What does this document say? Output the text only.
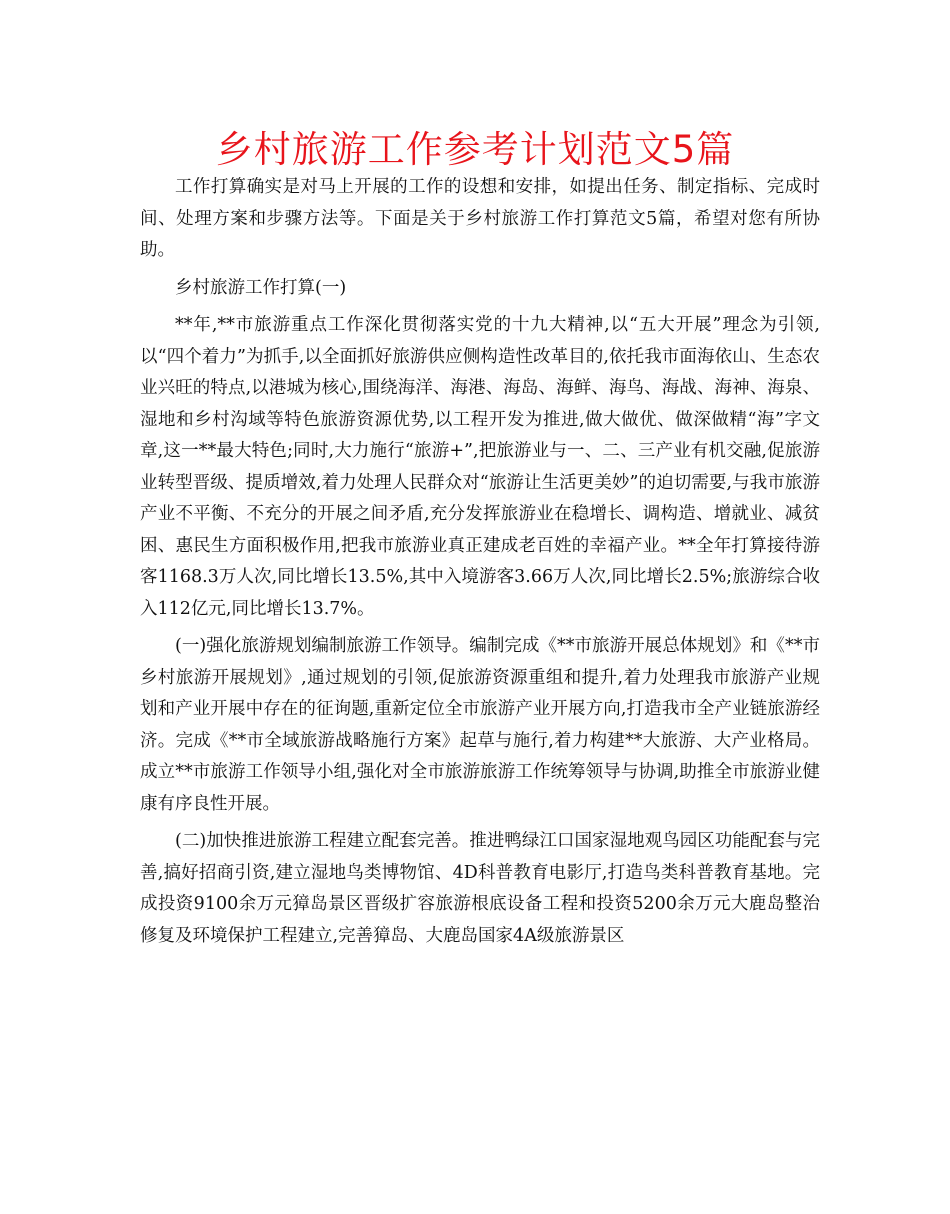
乡村旅游工作参考计划范文5篇

工作打算确实是对马上开展的工作的设想和安排，如提出任务、制定指标、完成时间、处理方案和步骤方法等。下面是关于乡村旅游工作打算范文5篇，希望对您有所协助。

乡村旅游工作打算(一)

**年,**市旅游重点工作深化贯彻落实党的十九大精神,以“五大开展”理念为引领,以“四个着力”为抓手,以全面抓好旅游供应侧构造性改革目的,依托我市面海依山、生态农业兴旺的特点,以港城为核心,围绕海洋、海港、海岛、海鲜、海鸟、海战、海神、海泉、湿地和乡村沟域等特色旅游资源优势,以工程开发为推进,做大做优、做深做精“海”字文章,这一**最大特色;同时,大力施行“旅游+”,把旅游业与一、二、三产业有机交融,促旅游业转型晋级、提质增效,着力处理人民群众对“旅游让生活更美妙”的迫切需要,与我市旅游产业不平衡、不充分的开展之间矛盾,充分发挥旅游业在稳增长、调构造、增就业、减贫困、惠民生方面积极作用,把我市旅游业真正建成老百姓的幸福产业。**全年打算接待游客1168.3万人次,同比增长13.5%,其中入境游客3.66万人次,同比增长2.5%;旅游综合收入112亿元,同比增长13.7%。

(一)强化旅游规划编制旅游工作领导。编制完成《**市旅游开展总体规划》和《**市乡村旅游开展规划》,通过规划的引领,促旅游资源重组和提升,着力处理我市旅游产业规划和产业开展中存在的征询题,重新定位全市旅游产业开展方向,打造我市全产业链旅游经济。完成《**市全域旅游战略施行方案》起草与施行,着力构建**大旅游、大产业格局。成立**市旅游工作领导小组,强化对全市旅游旅游工作统筹领导与协调,助推全市旅游业健康有序良性开展。

(二)加快推进旅游工程建立配套完善。推进鸭绿江口国家湿地观鸟园区功能配套与完善,搞好招商引资,建立湿地鸟类博物馆、4D科普教育电影厅,打造鸟类科普教育基地。完成投资9100余万元獐岛景区晋级扩容旅游根底设备工程和投资5200余万元大鹿岛整治修复及环境保护工程建立,完善獐岛、大鹿岛国家4A级旅游景区
